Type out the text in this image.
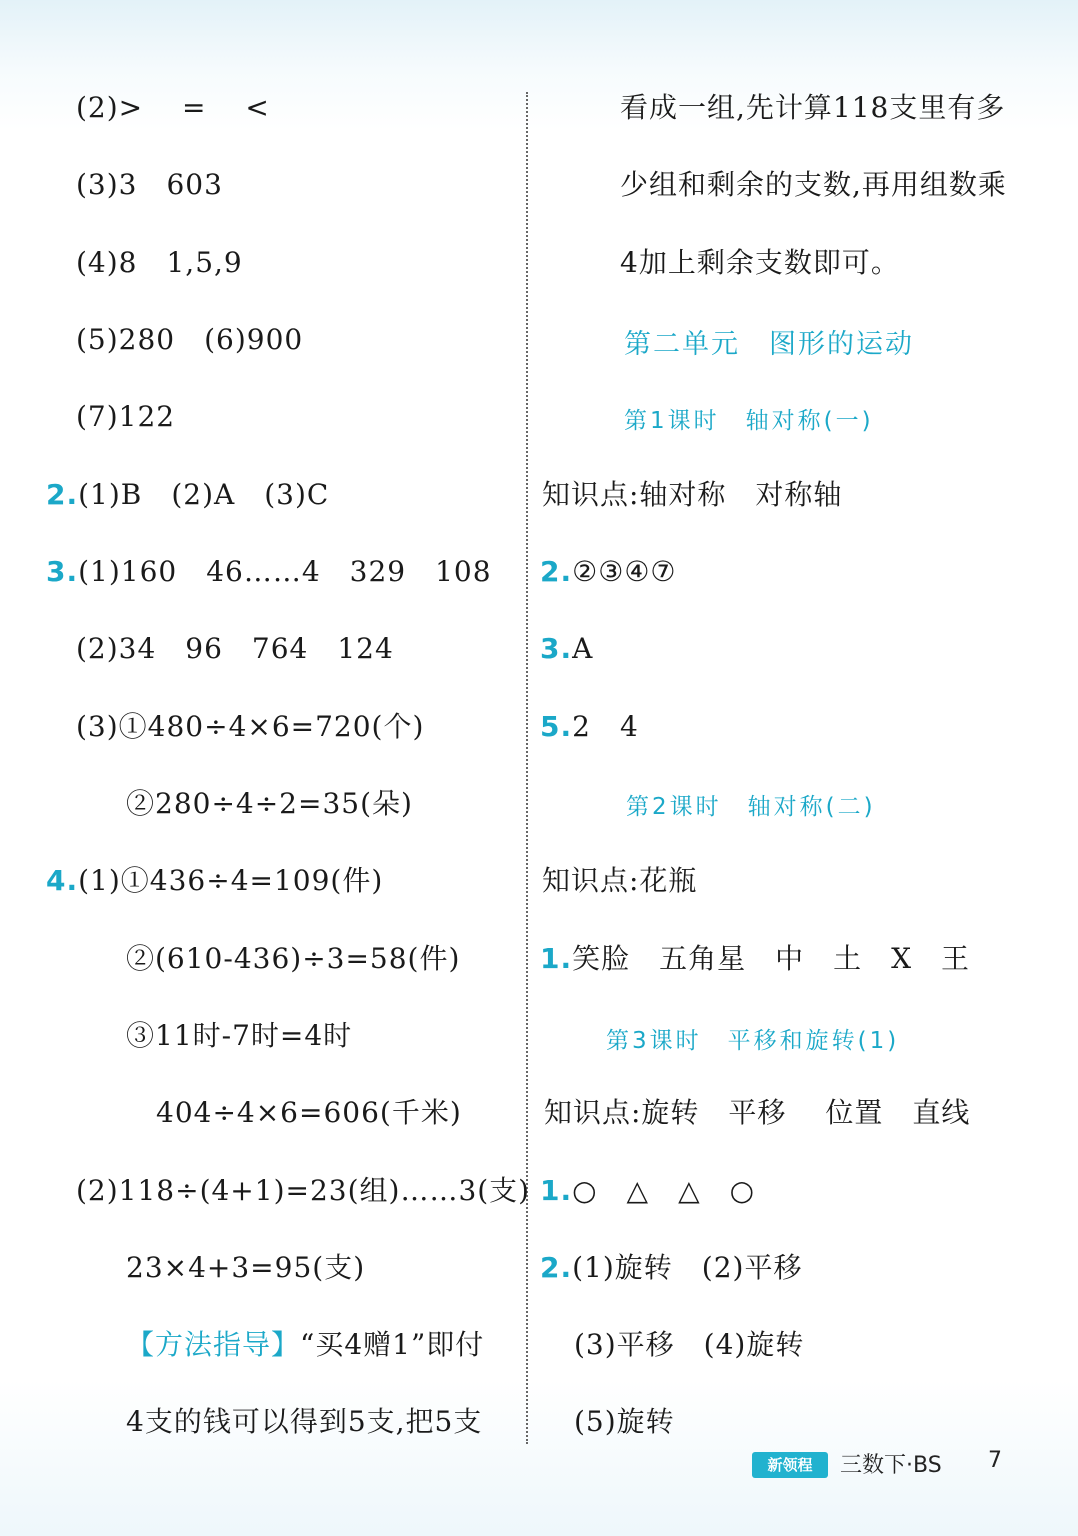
(2)>　 =　 <
(3)3　603
(4)8　1,5,9
(5)280　(6)900
(7)122
2.(1)B　(2)A　(3)C
3.(1)160　46……4　329　108
(2)34　96　764　124
(3)①480÷4×6=720(个)
②280÷4÷2=35(朵)
4.(1)①436÷4=109(件)
②(610-436)÷3=58(件)
③11时-7时=4时
404÷4×6=606(千米)
(2)118÷(4+1)=23(组)……3(支)
23×4+3=95(支)
【方法指导】“买4赠1”即付
4支的钱可以得到5支,把5支
看成一组,先计算118支里有多
少组和剩余的支数,再用组数乘
4加上剩余支数即可。
第二单元　图形的运动
第1课时　轴对称(一)
知识点:轴对称　对称轴
2.②③④⑦
3.A
5.2　4
第2课时　轴对称(二)
知识点:花瓶
1.笑脸　五角星　中　土　X　王
第3课时　平移和旋转(1)
知识点:旋转　平移　 位置　直线
1.○　△　△　○
2.(1)旋转　(2)平移
(3)平移　(4)旋转
(5)旋转
新领程	三数下·BS 7
